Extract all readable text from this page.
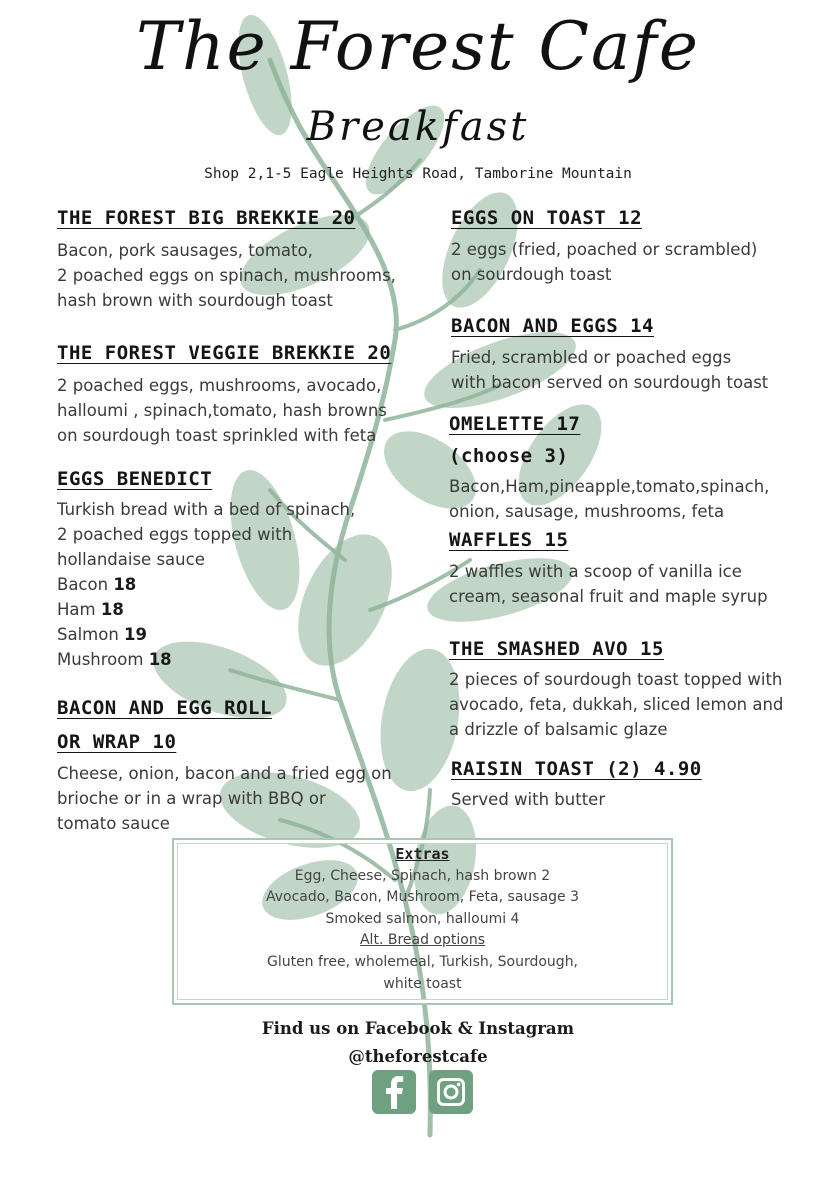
The Forest Cafe
Breakfast
Shop 2,1-5 Eagle Heights Road, Tamborine Mountain
THE FOREST BIG BREKKIE 20
Bacon, pork sausages, tomato,
2 poached eggs on spinach, mushrooms,
hash brown with sourdough toast
THE FOREST VEGGIE BREKKIE 20
2 poached eggs, mushrooms, avocado,
halloumi , spinach,tomato, hash browns
on sourdough toast sprinkled with feta
EGGS BENEDICT
Turkish bread with a bed of spinach,
2 poached eggs topped with
hollandaise sauce
Bacon 18
Ham 18
Salmon 19
Mushroom 18
BACON AND EGG ROLL
OR WRAP 10
Cheese, onion, bacon and a fried egg on
brioche or in a wrap with BBQ or
tomato sauce
EGGS ON TOAST 12
2 eggs (fried, poached or scrambled)
on sourdough toast
BACON AND EGGS 14
Fried, scrambled or poached eggs
with bacon served on sourdough toast
OMELETTE 17
(choose 3)
Bacon,Ham,pineapple,tomato,spinach,
onion, sausage, mushrooms, feta
WAFFLES 15
2 waffles with a scoop of vanilla ice
cream, seasonal fruit and maple syrup
THE SMASHED AVO 15
2 pieces of sourdough toast topped with
avocado, feta, dukkah, sliced lemon and
a drizzle of balsamic glaze
RAISIN TOAST (2) 4.90
Served with butter
Extras
Egg, Cheese, Spinach, hash brown 2
Avocado, Bacon, Mushroom, Feta, sausage 3
Smoked salmon, halloumi 4
Alt. Bread options
Gluten free, wholemeal, Turkish, Sourdough,
white toast
Find us on Facebook & Instagram
@theforestcafe
